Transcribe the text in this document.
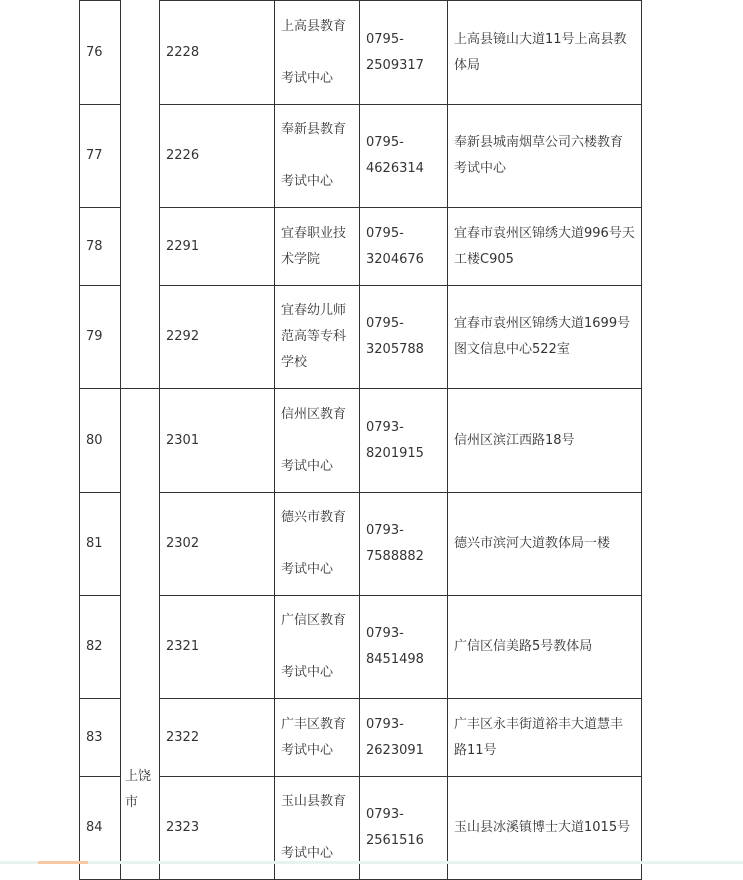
76		2228	上高县教育
考试中心	0795-
2509317	上高县镜山大道11号上高县教
体局

77		2226	奉新县教育
考试中心	0795-
4626314	奉新县城南烟草公司六楼教育
考试中心

78		2291	宜春职业技
术学院	0795-
3204676	宜春市袁州区锦绣大道996号天
工楼C905

79		2292	宜春幼儿师
范高等专科
学校	0795-
3205788	宜春市袁州区锦绣大道1699号
图文信息中心522室

80	上饶
市	2301	信州区教育
考试中心	0793-
8201915	信州区滨江西路18号

81		2302	德兴市教育
考试中心	0793-
7588882	德兴市滨河大道教体局一楼

82		2321	广信区教育
考试中心	0793-
8451498	广信区信美路5号教体局

83		2322	广丰区教育
考试中心	0793-
2623091	广丰区永丰街道裕丰大道慧丰
路11号

84		2323	玉山县教育
考试中心	0793-
2561516	玉山县冰溪镇博士大道1015号
